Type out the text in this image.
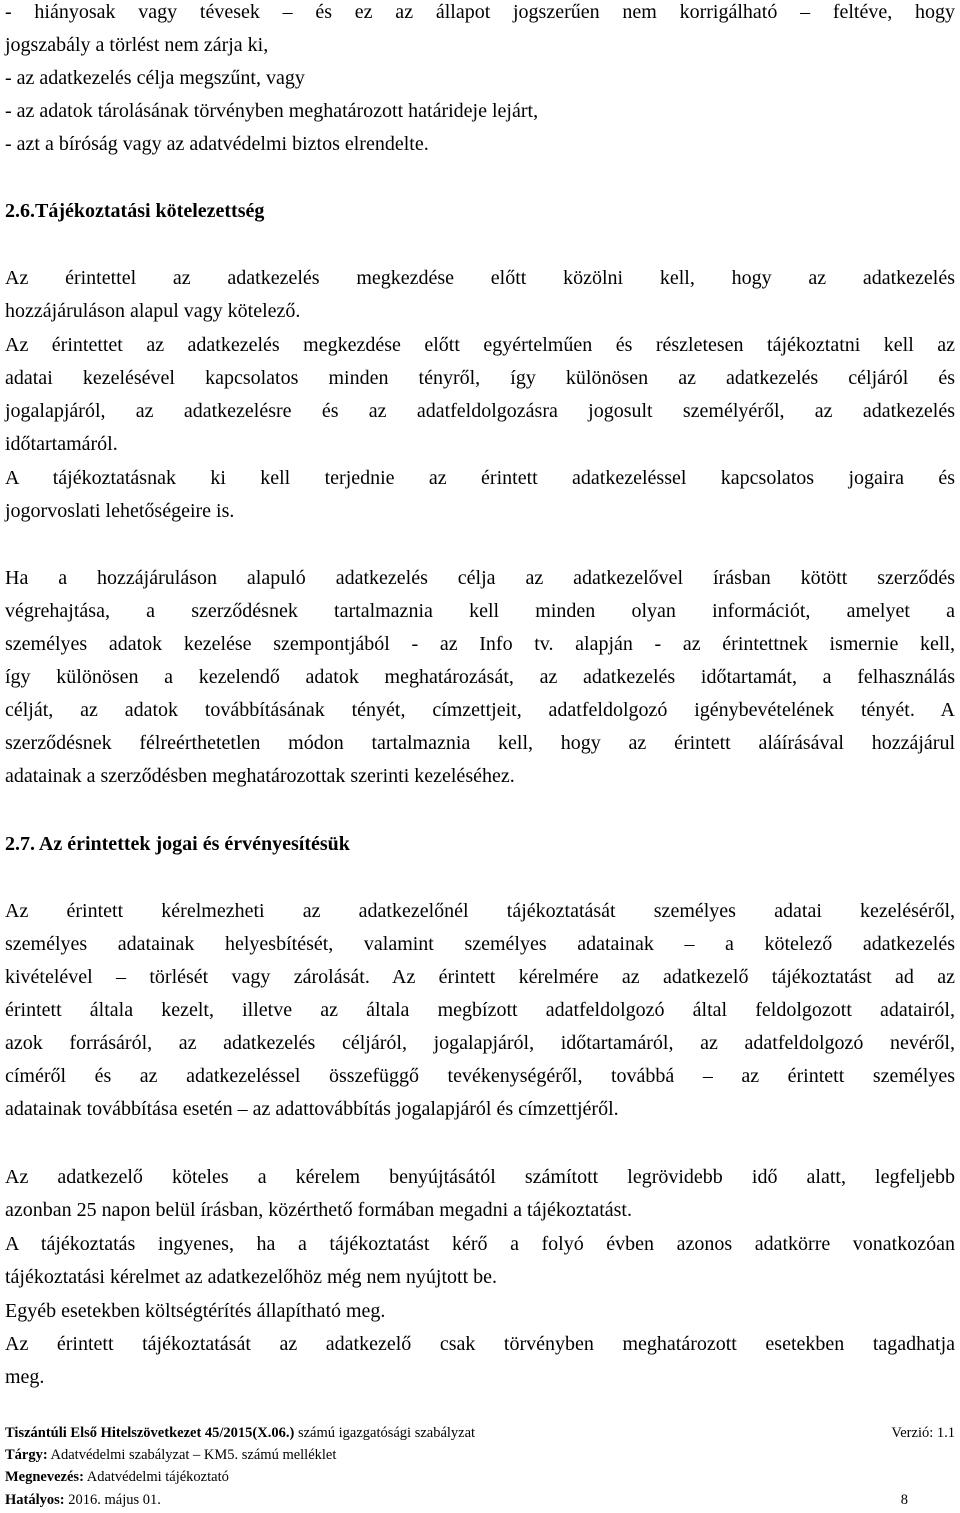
- hiányosak vagy tévesek – és ez az állapot jogszerűen nem korrigálható – feltéve, hogy
jogszabály a törlést nem zárja ki,
- az adatkezelés célja megszűnt, vagy
- az adatok tárolásának törvényben meghatározott határideje lejárt,
- azt a bíróság vagy az adatvédelmi biztos elrendelte.
2.6.Tájékoztatási kötelezettség
Az érintettel az adatkezelés megkezdése előtt közölni kell, hogy az adatkezelés
hozzájáruláson alapul vagy kötelező.
Az érintettet az adatkezelés megkezdése előtt egyértelműen és részletesen tájékoztatni kell az
adatai kezelésével kapcsolatos minden tényről, így különösen az adatkezelés céljáról és
jogalapjáról, az adatkezelésre és az adatfeldolgozásra jogosult személyéről, az adatkezelés
időtartamáról.
A tájékoztatásnak ki kell terjednie az érintett adatkezeléssel kapcsolatos jogaira és
jogorvoslati lehetőségeire is.
Ha a hozzájáruláson alapuló adatkezelés célja az adatkezelővel írásban kötött szerződés
végrehajtása, a szerződésnek tartalmaznia kell minden olyan információt, amelyet a
személyes adatok kezelése szempontjából - az Info tv. alapján - az érintettnek ismernie kell,
így különösen a kezelendő adatok meghatározását, az adatkezelés időtartamát, a felhasználás
célját, az adatok továbbításának tényét, címzettjeit, adatfeldolgozó igénybevételének tényét. A
szerződésnek félreérthetetlen módon tartalmaznia kell, hogy az érintett aláírásával hozzájárul
adatainak a szerződésben meghatározottak szerinti kezeléséhez.
2.7. Az érintettek jogai és érvényesítésük
Az érintett kérelmezheti az adatkezelőnél tájékoztatását személyes adatai kezeléséről,
személyes adatainak helyesbítését, valamint személyes adatainak – a kötelező adatkezelés
kivételével – törlését vagy zárolását. Az érintett kérelmére az adatkezelő tájékoztatást ad az
érintett általa kezelt, illetve az általa megbízott adatfeldolgozó által feldolgozott adatairól,
azok forrásáról, az adatkezelés céljáról, jogalapjáról, időtartamáról, az adatfeldolgozó nevéről,
címéről és az adatkezeléssel összefüggő tevékenységéről, továbbá – az érintett személyes
adatainak továbbítása esetén – az adattovábbítás jogalapjáról és címzettjéről.
Az adatkezelő köteles a kérelem benyújtásától számított legrövidebb idő alatt, legfeljebb
azonban 25 napon belül írásban, közérthető formában megadni a tájékoztatást.
A tájékoztatás ingyenes, ha a tájékoztatást kérő a folyó évben azonos adatkörre vonatkozóan
tájékoztatási kérelmet az adatkezelőhöz még nem nyújtott be.
Egyéb esetekben költségtérítés állapítható meg.
Az érintett tájékoztatását az adatkezelő csak törvényben meghatározott esetekben tagadhatja
meg.
Tiszántúli Első Hitelszövetkezet 45/2015(X.06.) számú igazgatósági szabályzat	Verzió: 1.1
Tárgy: Adatvédelmi szabályzat – KM5. számú melléklet
Megnevezés: Adatvédelmi tájékoztató
Hatályos: 2016. május 01.	8
